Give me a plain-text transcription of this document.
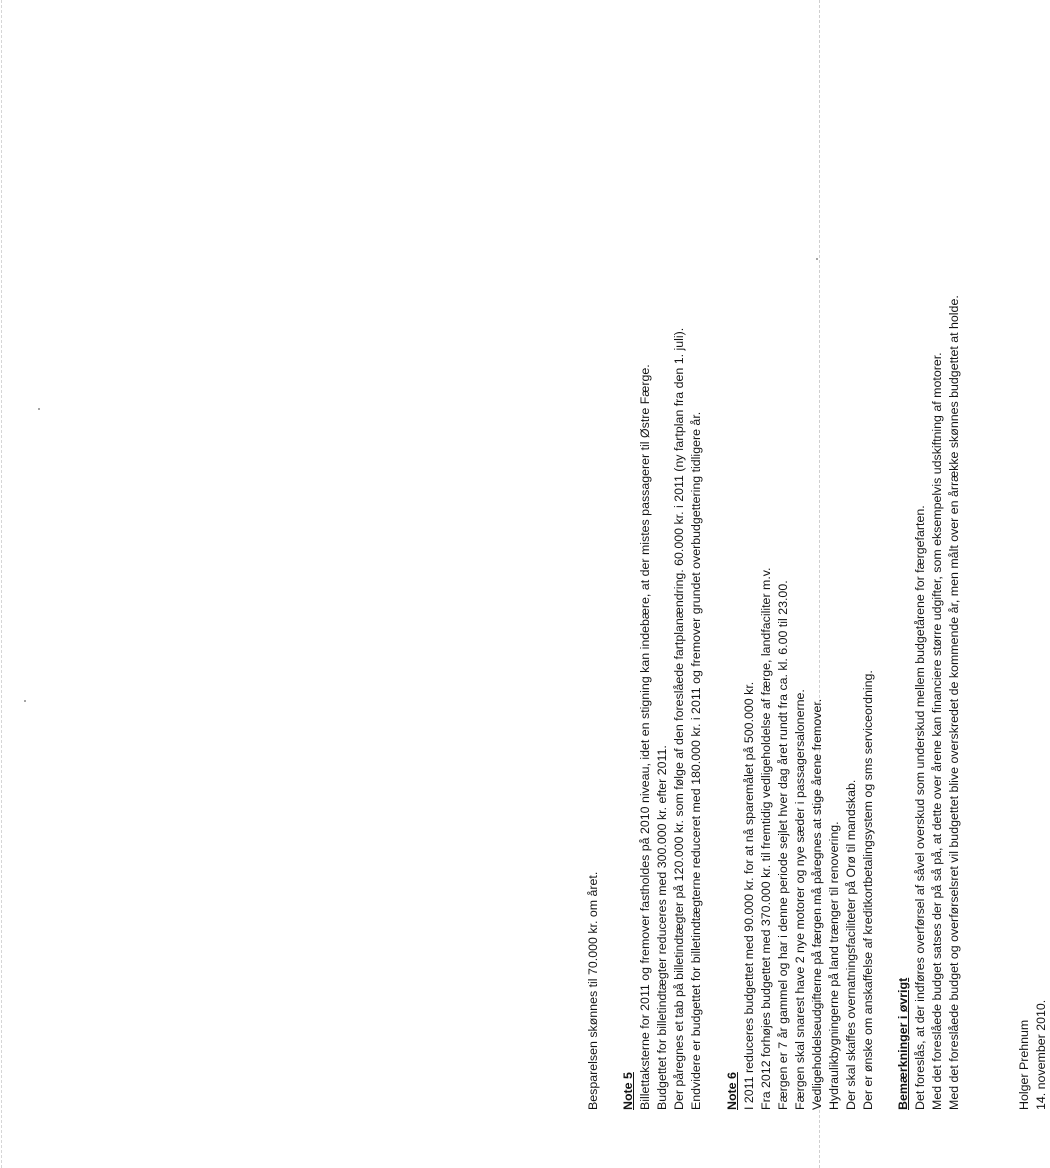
Besparelsen skønnes til 70.000 kr. om året. Note 5 Billettaksterne for 2011 og fremover fastholdes på 2010 niveau, idet en stigning kan indebære, at der mistes passagerer til Østre Færge. Budgettet for billetindtægter reduceres med 300.000 kr. efter 2011. Der påregnes et tab på billetindtægter på 120.000 kr. som følge af den foreslåede fartplanændring. 60.000 kr. i 2011 (ny fartplan fra den 1. juli). Endvidere er budgettet for billetindtægterne reduceret med 180.000 kr. i 2011 og fremover grundet overbudgettering tidligere år. Note 6 I 2011 reduceres budgettet med 90.000 kr. for at nå sparemålet på 500.000 kr. Fra 2012 forhøjes budgettet med 370.000 kr. til fremtidig vedligeholdelse af færge, landfaciliter m.v. Færgen er 7 år gammel og har i denne periode sejlet hver dag året rundt fra ca. kl. 6.00 til 23.00. Færgen skal snarest have 2 nye motorer og nye sæder i passagersalonerne. Vedligeholdelseudgifterne på færgen må påregnes at stige årene fremover. Hydraulikbygningerne på land trænger til renovering. Der skal skaffes overnatningsfaciliteter på Orø til mandskab. Der er ønske om anskaffelse af kreditkortbetalingsystem og sms serviceordning. Bemærkninger i øvrigt Det foreslås, at der indføres overførsel af såvel overskud som underskud mellem budgetårene for færgefarten. Med det foreslåede budget satses der på så på, at dette over årene kan financiere større udgifter, som eksempelvis udskiftning af motorer. Med det foreslåede budget og overførselsret vil budgettet blive overskredet de kommende år, men målt over en årrække skønnes budgettet at holde.	Holger Prehnum 14. november 2010.
